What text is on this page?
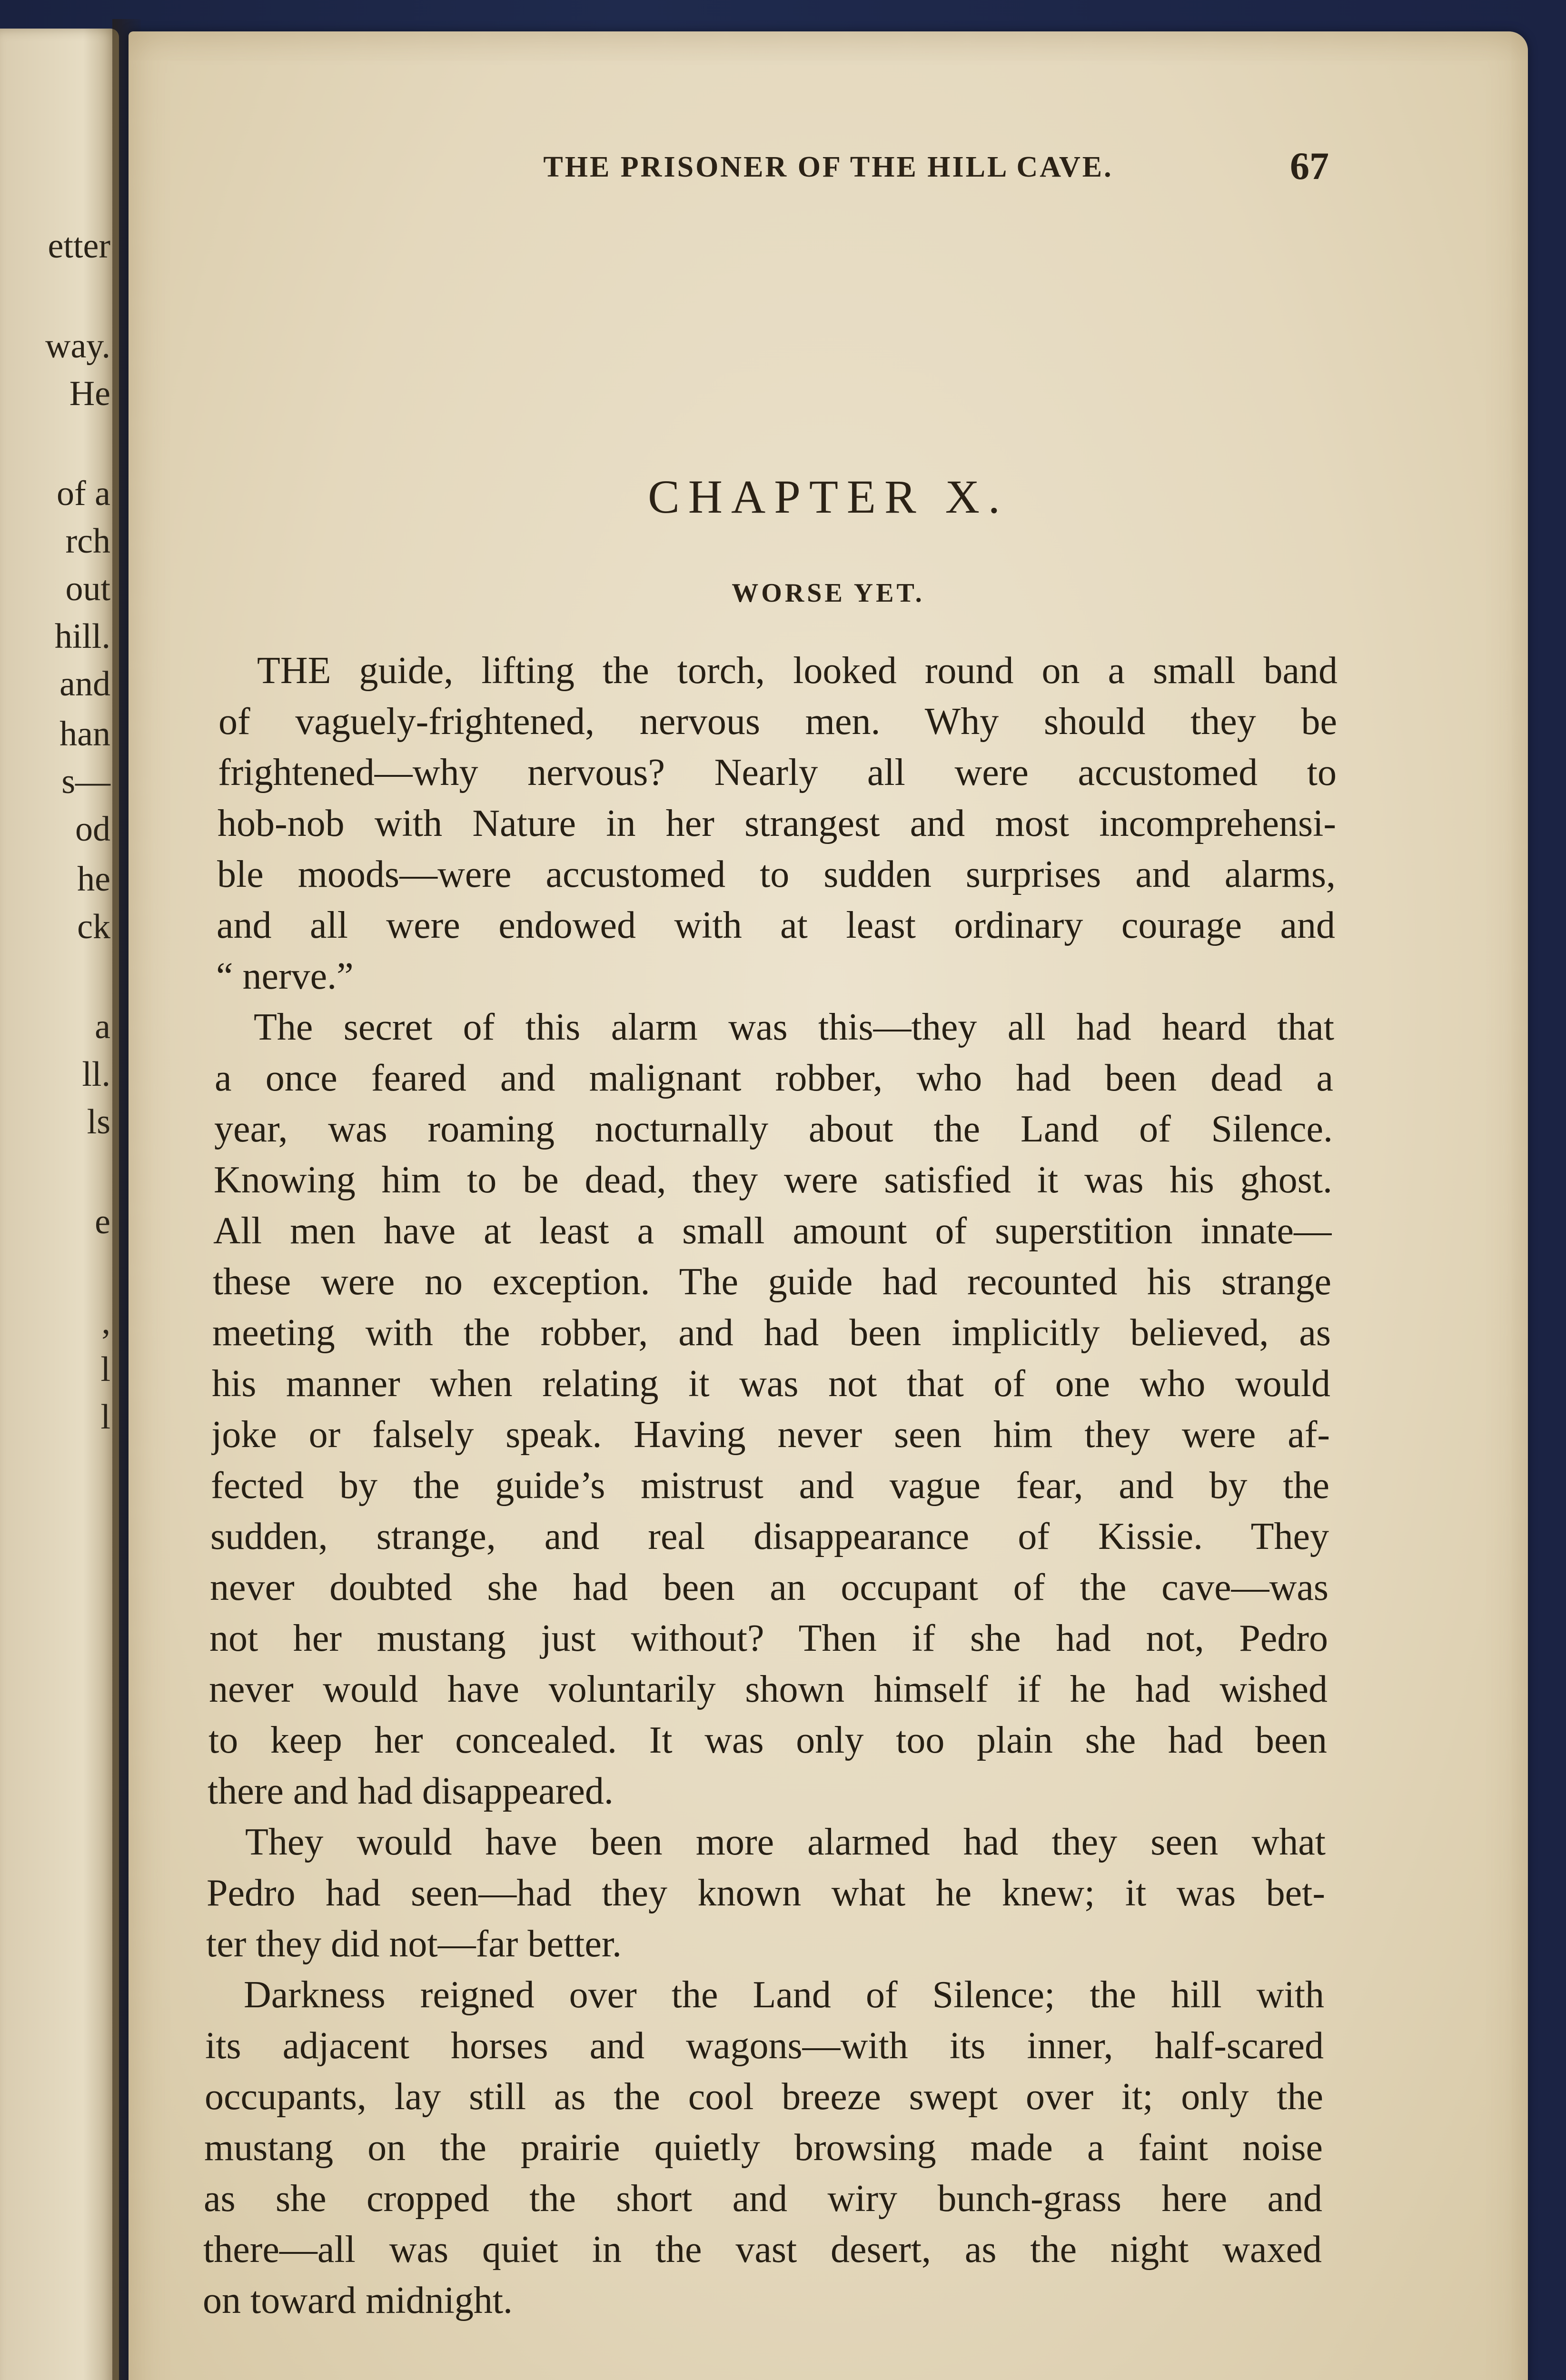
etter
way.
He
of a
rch
out
hill.
and
han
s—
od
he
ck
a
ll.
ls
e
,
l
l
THE PRISONER OF THE HILL CAVE.	67
CHAPTER X.
WORSE YET.
THE guide, lifting the torch, looked round on a small band
of vaguely-frightened, nervous men. Why should they be
frightened—why nervous? Nearly all were accustomed to
hob-nob with Nature in her strangest and most incomprehensi-
ble moods—were accustomed to sudden surprises and alarms,
and all were endowed with at least ordinary courage and
“ nerve.”
The secret of this alarm was this—they all had heard that
a once feared and malignant robber, who had been dead a
year, was roaming nocturnally about the Land of Silence.
Knowing him to be dead, they were satisfied it was his ghost.
All men have at least a small amount of superstition innate—
these were no exception. The guide had recounted his strange
meeting with the robber, and had been implicitly believed, as
his manner when relating it was not that of one who would
joke or falsely speak. Having never seen him they were af-
fected by the guide’s mistrust and vague fear, and by the
sudden, strange, and real disappearance of Kissie. They
never doubted she had been an occupant of the cave—was
not her mustang just without? Then if she had not, Pedro
never would have voluntarily shown himself if he had wished
to keep her concealed. It was only too plain she had been
there and had disappeared.
They would have been more alarmed had they seen what
Pedro had seen—had they known what he knew; it was bet-
ter they did not—far better.
Darkness reigned over the Land of Silence; the hill with
its adjacent horses and wagons—with its inner, half-scared
occupants, lay still as the cool breeze swept over it; only the
mustang on the prairie quietly browsing made a faint noise
as she cropped the short and wiry bunch-grass here and
there—all was quiet in the vast desert, as the night waxed
on toward midnight.
